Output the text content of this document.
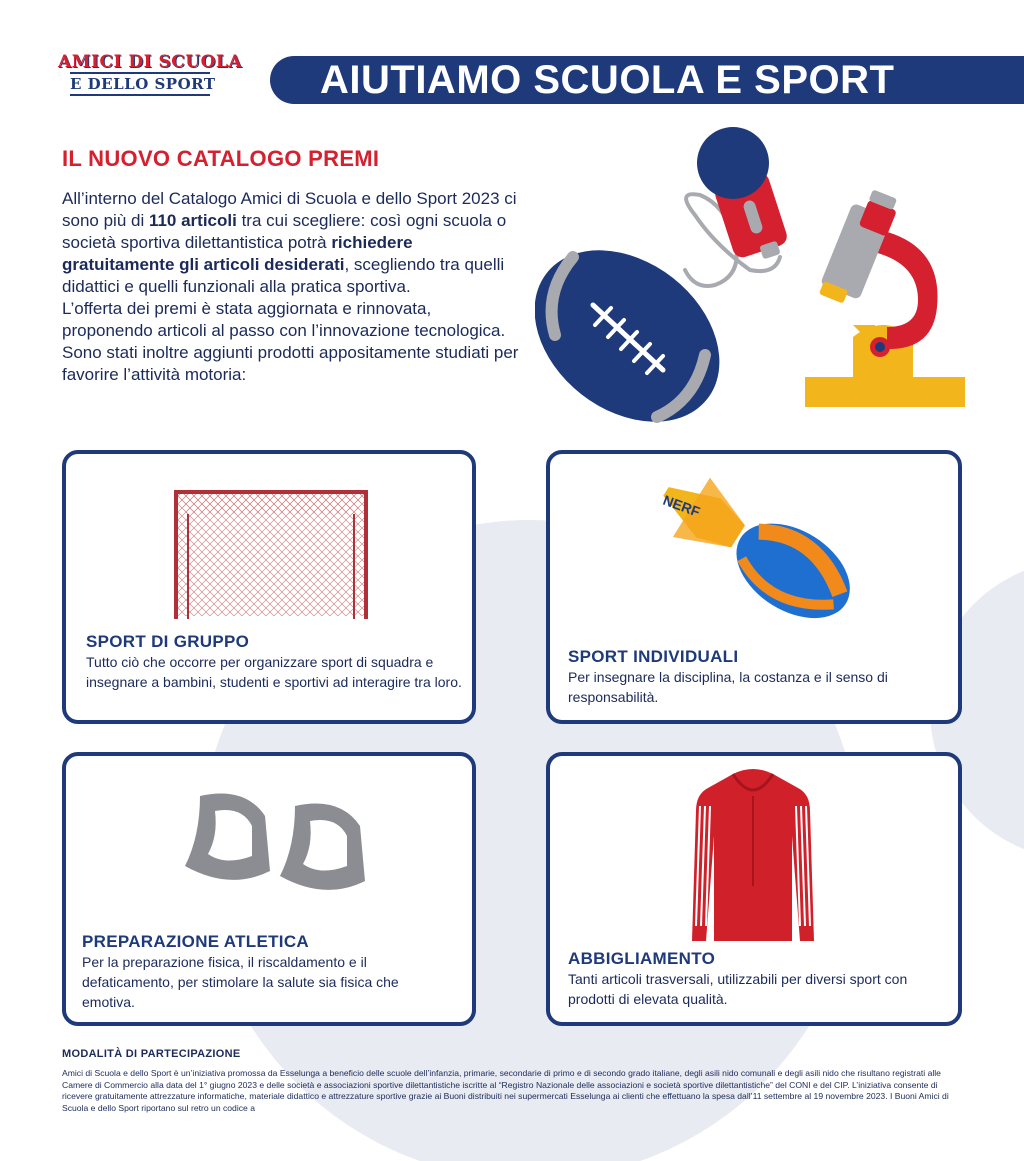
AMICI DI SCUOLA
E DELLO SPORT	AIUTIAMO SCUOLA E SPORT
IL NUOVO CATALOGO PREMI
All’interno del Catalogo Amici di Scuola e dello Sport 2023 ci sono più di 110 articoli tra cui scegliere: così ogni scuola o società sportiva dilettantistica potrà richiedere gratuitamente gli articoli desiderati, scegliendo tra quelli didattici e quelli funzionali alla pratica sportiva.
L’offerta dei premi è stata aggiornata e rinnovata, proponendo articoli al passo con l’innovazione tecnologica.
Sono stati inoltre aggiunti prodotti appositamente studiati per favorire l’attività motoria:
SPORT DI GRUPPO
Tutto ciò che occorre per organizzare sport di squadra e insegnare a bambini, studenti e sportivi ad interagire tra loro.
NERF
SPORT INDIVIDUALI
Per insegnare la disciplina, la costanza e il senso di responsabilità.
PREPARAZIONE ATLETICA
Per la preparazione fisica, il riscaldamento e il defaticamento, per stimolare la salute sia fisica che emotiva.
ABBIGLIAMENTO
Tanti articoli trasversali, utilizzabili per diversi sport con prodotti di elevata qualità.
MODALITÀ DI PARTECIPAZIONE
Amici di Scuola e dello Sport è un’iniziativa promossa da Esselunga a beneficio delle scuole dell’infanzia, primarie, secondarie di primo e di secondo grado italiane, degli asili nido comunali e degli asili nido che risultano registrati alle Camere di Commercio alla data del 1° giugno 2023 e delle società e associazioni sportive dilettantistiche iscritte al “Registro Nazionale delle associazioni e società sportive dilettantistiche” del CONI e del CIP. L’iniziativa consente di ricevere gratuitamente attrezzature informatiche, materiale didattico e attrezzature sportive grazie ai Buoni distribuiti nei supermercati Esselunga ai clienti che effettuano la spesa dall’11 settembre al 19 novembre 2023. I Buoni Amici di Scuola e dello Sport riportano sul retro un codice a
